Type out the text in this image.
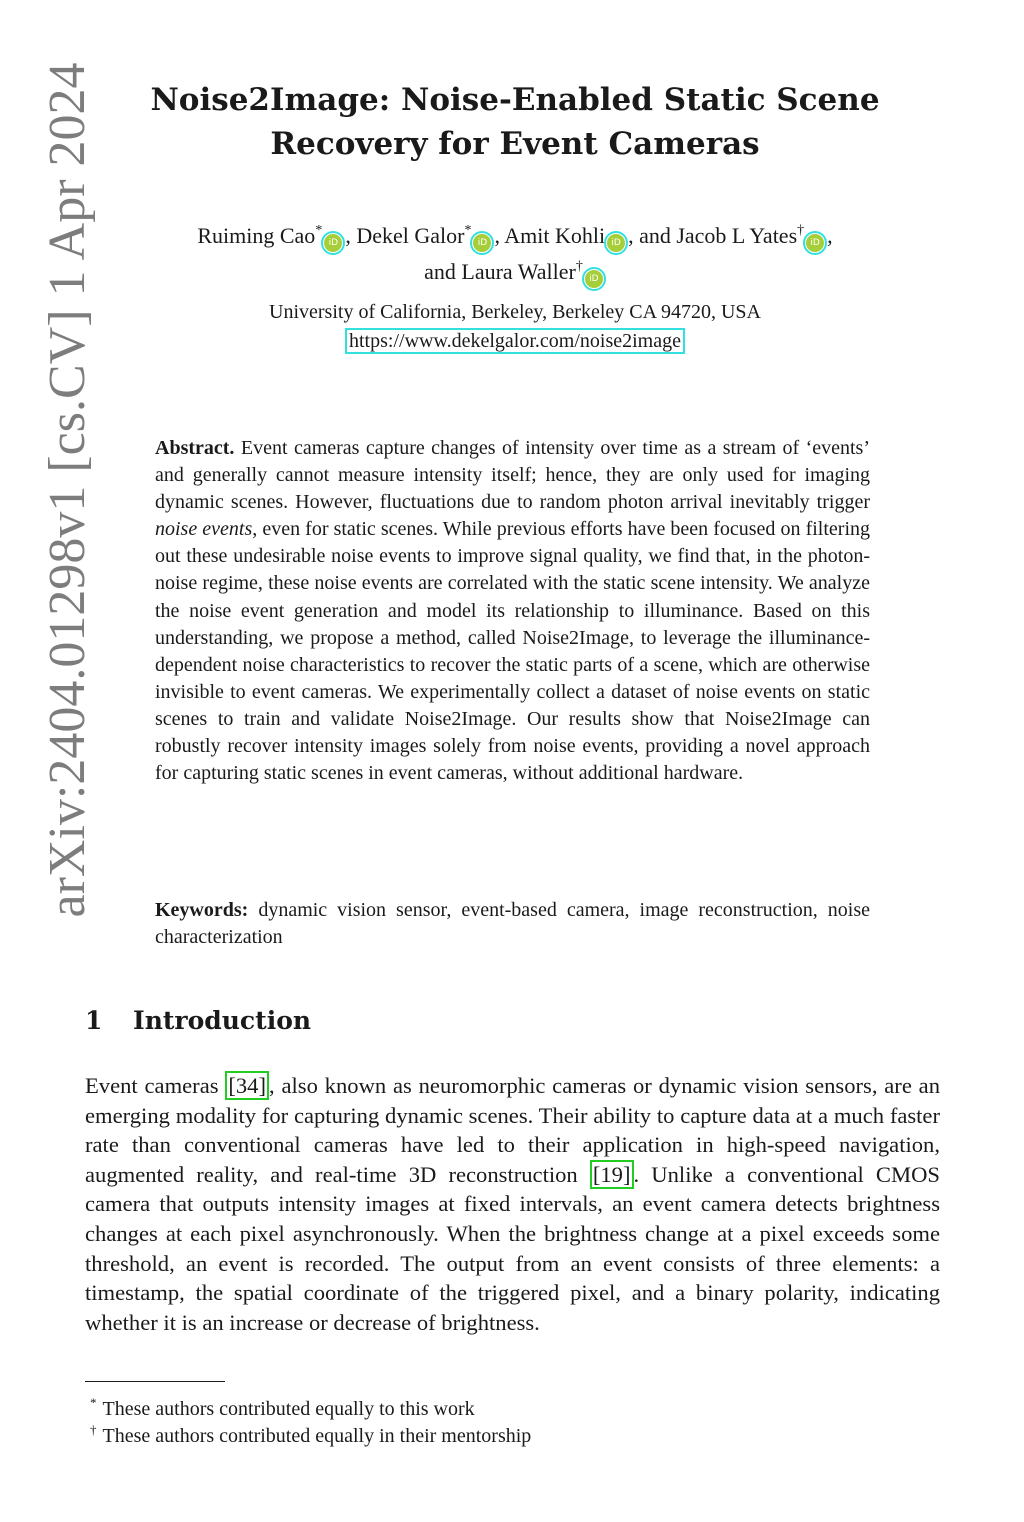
arXiv:2404.01298v1 [cs.CV] 1 Apr 2024	Noise2Image: Noise-Enabled Static Scene Recovery for Event Cameras
Ruiming Cao*iD , Dekel Galor*iD , Amit Kohli iD , and Jacob L Yates†iD ,
and Laura Waller†iD
University of California, Berkeley, Berkeley CA 94720, USA
https://www.dekelgalor.com/noise2image

Abstract. Event cameras capture changes of intensity over time as a stream of ‘events’ and generally cannot measure intensity itself; hence, they are only used for imaging dynamic scenes. However, fluctuations due to random photon arrival inevitably trigger noise events, even for static scenes. While previous efforts have been focused on filtering out these undesirable noise events to improve signal quality, we find that, in the photon-noise regime, these noise events are correlated with the static scene intensity. We analyze the noise event generation and model its relationship to illuminance. Based on this understanding, we propose a method, called Noise2Image, to leverage the illuminance-dependent noise characteristics to recover the static parts of a scene, which are otherwise invisible to event cameras. We experimentally collect a dataset of noise events on static scenes to train and validate Noise2Image. Our results show that Noise2Image can robustly recover intensity images solely from noise events, providing a novel approach for capturing static scenes in event cameras, without additional hardware.

Keywords: dynamic vision sensor, event-based camera, image reconstruction, noise characterization

1 Introduction

Event cameras [34] , also known as neuromorphic cameras or dynamic vision sensors, are an emerging modality for capturing dynamic scenes. Their ability to capture data at a much faster rate than conventional cameras have led to their application in high-speed navigation, augmented reality, and real-time 3D reconstruction [19] . Unlike a conventional CMOS camera that outputs intensity images at fixed intervals, an event camera detects brightness changes at each pixel asynchronously. When the brightness change at a pixel exceeds some threshold, an event is recorded. The output from an event consists of three elements: a timestamp, the spatial coordinate of the triggered pixel, and a binary polarity, indicating whether it is an increase or decrease of brightness.

* These authors contributed equally to this work

† These authors contributed equally in their mentorship
